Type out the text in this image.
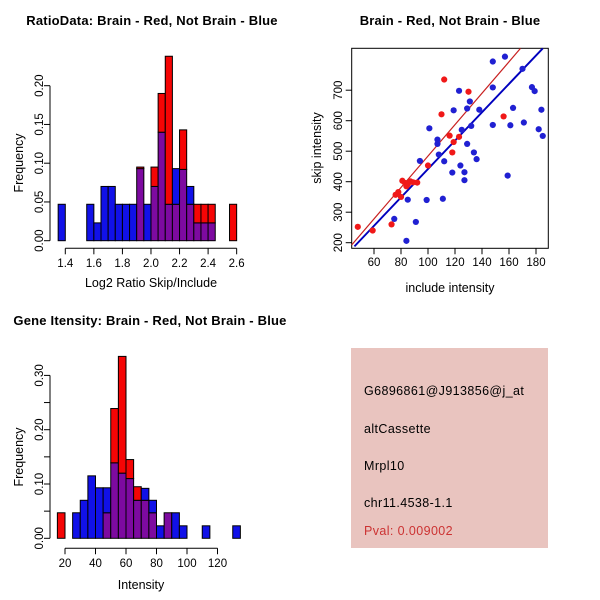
1.4 1.6 1.8 2.0 2.2 2.4 2.6
0.00
0.05
0.10
0.15
0.20
60 80 100 120 140 160 180
200
300
400
500
600
700
20 40 60 80 100 120
0.00
0.10
0.20
0.30
RatioData: Brain - Red, Not Brain - Blue
Log2 Ratio Skip/Include
Frequency
Brain - Red, Not Brain - Blue
include intensity
skip intensity
Gene Itensity: Brain - Red, Not Brain - Blue
Intensity
Frequency
G6896861@J913856@j_at
altCassette
Mrpl10
chr11.4538-1.1
Pval: 0.009002
